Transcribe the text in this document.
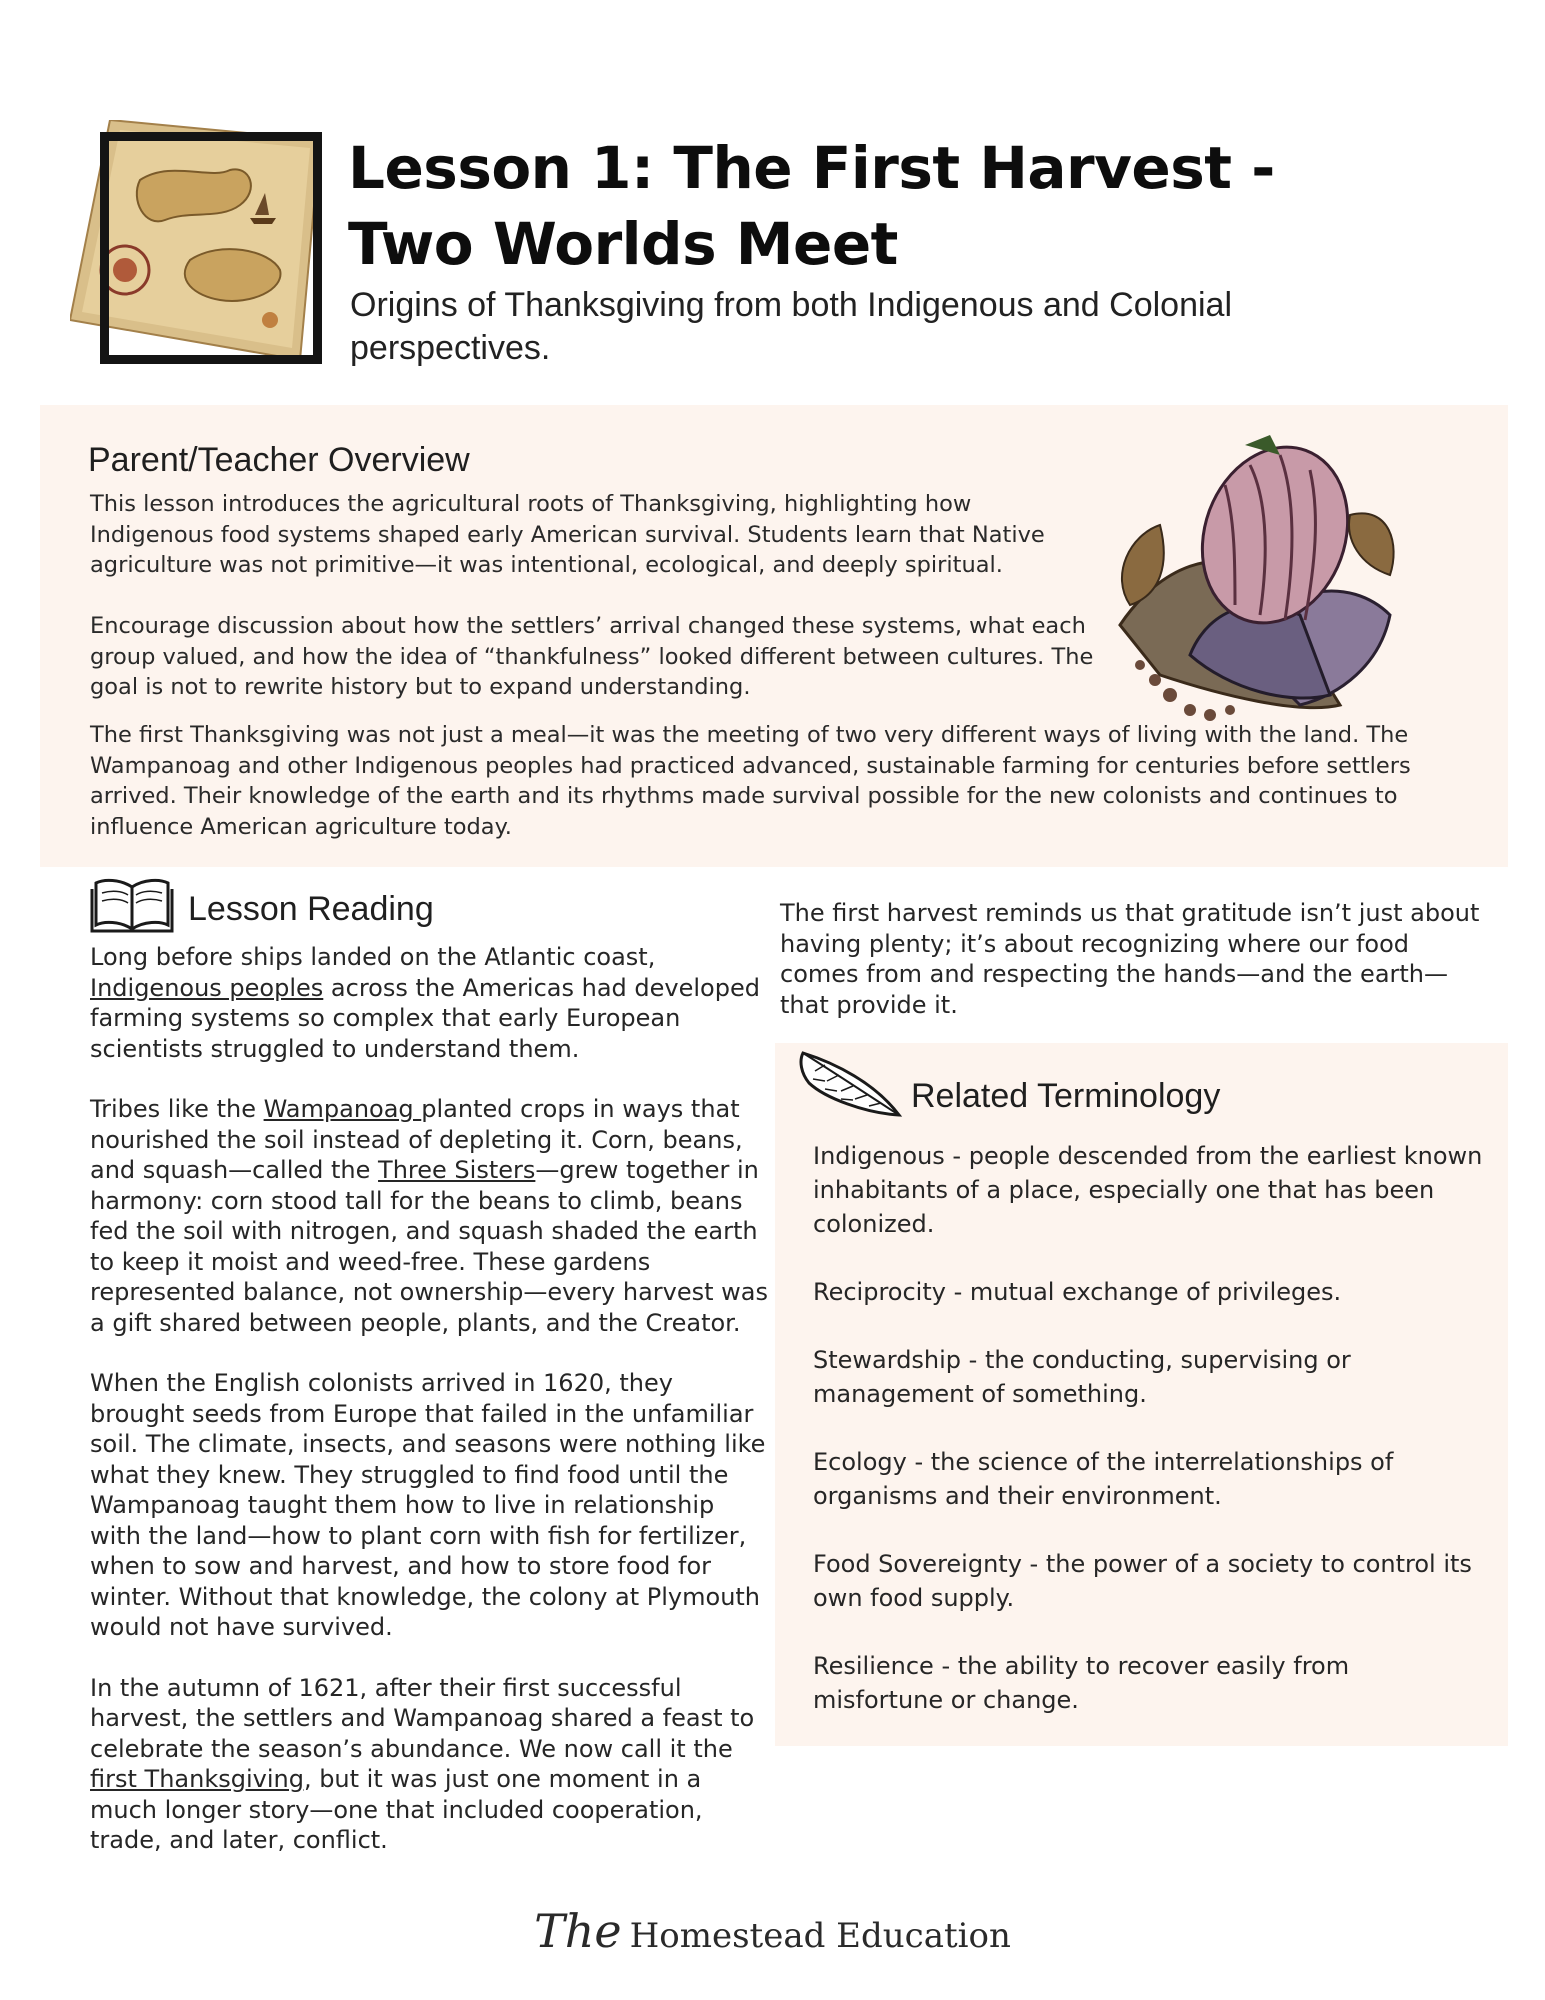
Lesson 1: The First Harvest -
Two Worlds Meet
Origins of Thanksgiving from both Indigenous and Colonial
perspectives.
Parent/Teacher Overview

This lesson introduces the agricultural roots of Thanksgiving, highlighting how Indigenous food systems shaped early American survival. Students learn that Native agriculture was not primitive—it was intentional, ecological, and deeply spiritual.

Encourage discussion about how the settlers’ arrival changed these systems, what each group valued, and how the idea of “thankfulness” looked different between cultures. The goal is not to rewrite history but to expand understanding.

The first Thanksgiving was not just a meal—it was the meeting of two very different ways of living with the land. The Wampanoag and other Indigenous peoples had practiced advanced, sustainable farming for centuries before settlers arrived. Their knowledge of the earth and its rhythms made survival possible for the new colonists and continues to influence American agriculture today.

Lesson Reading

Long before ships landed on the Atlantic coast, Indigenous peoples across the Americas had developed farming systems so complex that early European scientists struggled to understand them.

Tribes like the Wampanoag planted crops in ways that nourished the soil instead of depleting it. Corn, beans, and squash—called the Three Sisters—grew together in harmony: corn stood tall for the beans to climb, beans fed the soil with nitrogen, and squash shaded the earth to keep it moist and weed-free. These gardens represented balance, not ownership—every harvest was a gift shared between people, plants, and the Creator.

When the English colonists arrived in 1620, they brought seeds from Europe that failed in the unfamiliar soil. The climate, insects, and seasons were nothing like what they knew. They struggled to find food until the Wampanoag taught them how to live in relationship with the land—how to plant corn with fish for fertilizer, when to sow and harvest, and how to store food for winter. Without that knowledge, the colony at Plymouth would not have survived.

In the autumn of 1621, after their first successful harvest, the settlers and Wampanoag shared a feast to celebrate the season’s abundance. We now call it the first Thanksgiving, but it was just one moment in a much longer story—one that included cooperation, trade, and later, conflict.

The first harvest reminds us that gratitude isn’t just about having plenty; it’s about recognizing where our food comes from and respecting the hands—and the earth—that provide it.

Related Terminology
Indigenous - people descended from the earliest known inhabitants of a place, especially one that has been colonized.
Reciprocity - mutual exchange of privileges.
Stewardship - the conducting, supervising or management of something.
Ecology - the science of the interrelationships of organisms and their environment.
Food Sovereignty - the power of a society to control its own food supply.
Resilience - the ability to recover easily from misfortune or change.
The Homestead Education
